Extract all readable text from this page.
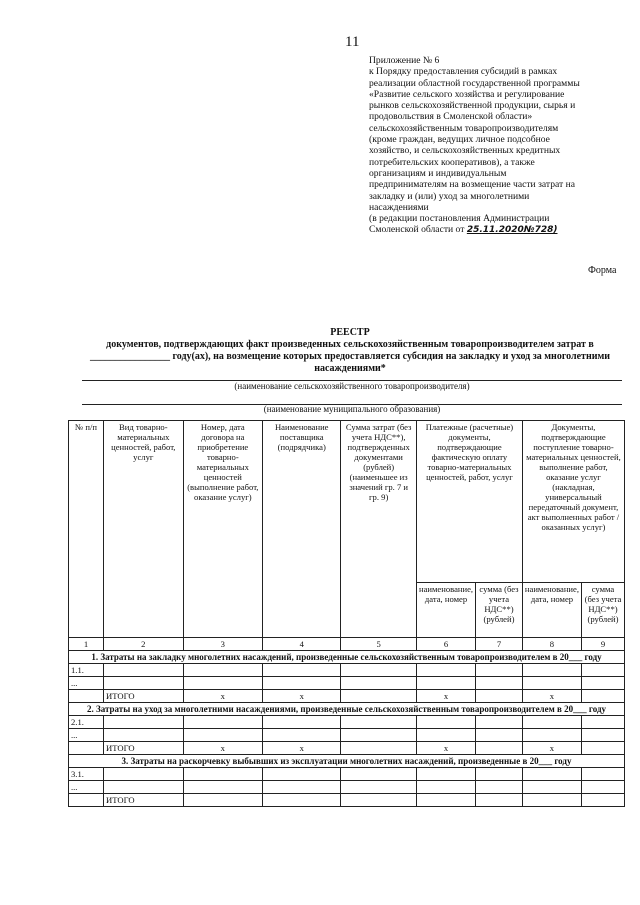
11
Приложение № 6
к Порядку предоставления субсидий в рамках
реализации областной государственной программы
«Развитие сельского хозяйства и регулирование
рынков сельскохозяйственной продукции, сырья и
продовольствия в Смоленской области»
сельскохозяйственным товаропроизводителям
(кроме граждан, ведущих личное подсобное
хозяйство, и сельскохозяйственных кредитных
потребительских кооперативов), а также
организациям и индивидуальным
предпринимателям на возмещение части затрат на
закладку и (или) уход за многолетними
насаждениями
(в редакции постановления Администрации
Смоленской области от 25.11.2020№728)
Форма
РЕЕСТР
документов, подтверждающих факт произведенных сельскохозяйственным товаропроизводителем затрат в
________________ году(ах), на возмещение которых предоставляется субсидия на закладку и уход за многолетними
насаждениями*
(наименование сельскохозяйственного товаропроизводителя)
(наименование муниципального образования)
№ п/п	Вид товарно-материальных ценностей, работ, услуг	Номер, дата договора на приобретение товарно-материальных ценностей (выполнение работ, оказание услуг)	Наименование поставщика (подрядчика)	Сумма затрат (без учета НДС**), подтвержденных документами (рублей) (наименьшее из значений гр. 7 и гр. 9)	Платежные (расчетные) документы, подтверждающие фактическую оплату товарно-материальных ценностей, работ, услуг		Документы, подтверждающие поступление товарно-материальных ценностей, выполнение работ, оказание услуг (накладная, универсальный передаточный документ, акт выполненных работ / оказанных услуг)	
					наименование, дата, номер	сумма (без учета НДС**) (рублей)	наименование, дата, номер	сумма (без учета НДС**) (рублей)
1	2	3	4	5	6	7	8	9
1. Затраты на закладку многолетних насаждений, произведенные сельскохозяйственным товаропроизводителем в 20___ году								
1.1.								
...								
	ИТОГО	х	х		х		х	
2. Затраты на уход за многолетними насаждениями, произведенные сельскохозяйственным товаропроизводителем в 20___ году								
2.1.								
...								
	ИТОГО	х	х		х		х	
3. Затраты на раскорчевку выбывших из эксплуатации многолетних насаждений, произведенные в 20___ году								
3.1.								
...								
	ИТОГО							
